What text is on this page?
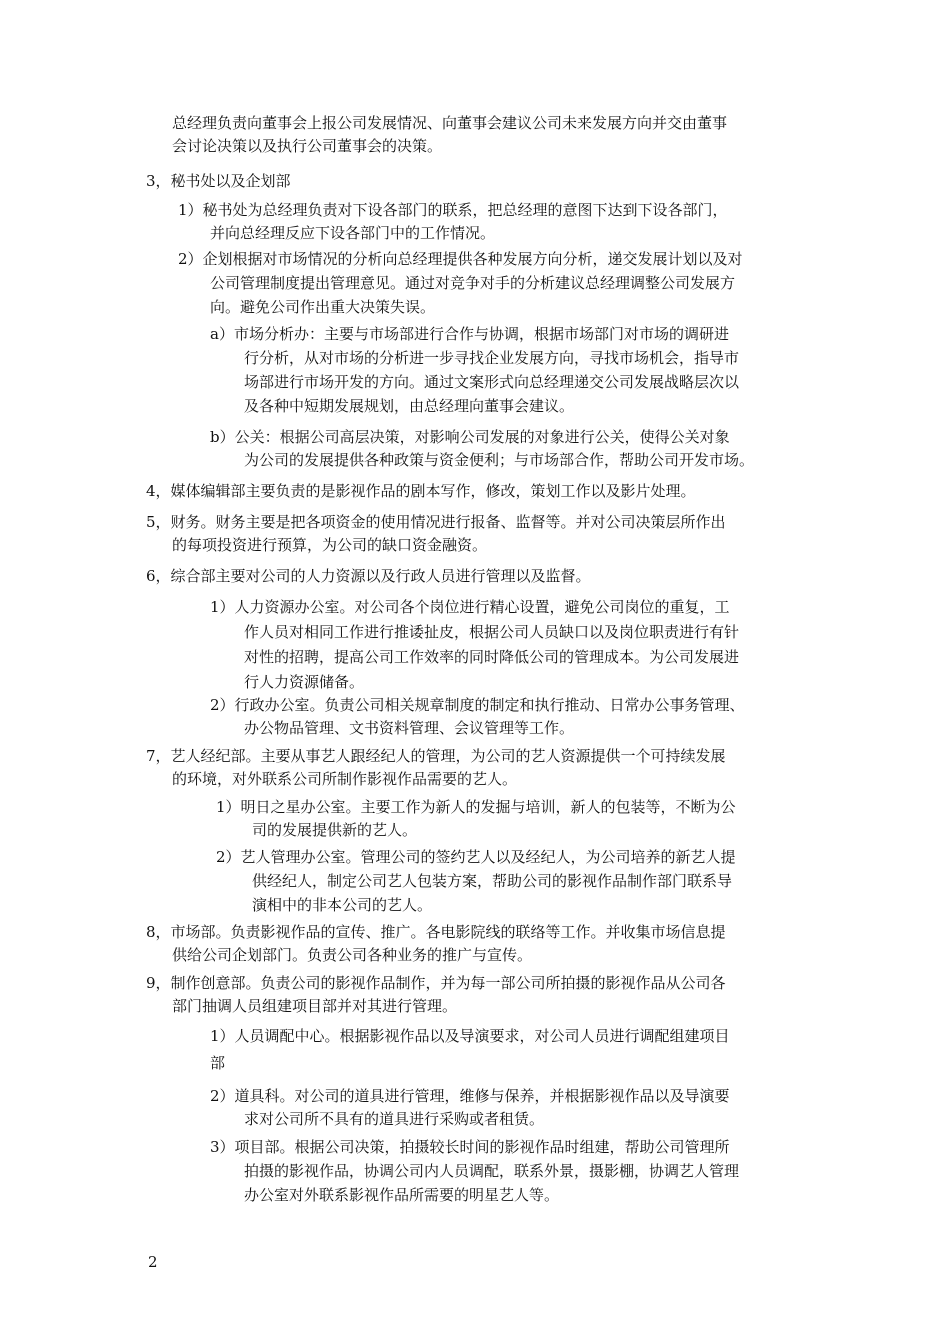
总经理负责向董事会上报公司发展情况、向董事会建议公司未来发展方向并交由董事
会讨论决策以及执行公司董事会的决策。
3，秘书处以及企划部
1）秘书处为总经理负责对下设各部门的联系，把总经理的意图下达到下设各部门，
并向总经理反应下设各部门中的工作情况。
2）企划根据对市场情况的分析向总经理提供各种发展方向分析，递交发展计划以及对
公司管理制度提出管理意见。通过对竞争对手的分析建议总经理调整公司发展方
向。避免公司作出重大决策失误。
a）市场分析办：主要与市场部进行合作与协调，根据市场部门对市场的调研进
行分析，从对市场的分析进一步寻找企业发展方向，寻找市场机会，指导市
场部进行市场开发的方向。通过文案形式向总经理递交公司发展战略层次以
及各种中短期发展规划，由总经理向董事会建议。
b）公关：根据公司高层决策，对影响公司发展的对象进行公关，使得公关对象
为公司的发展提供各种政策与资金便利；与市场部合作，帮助公司开发市场。
4，媒体编辑部主要负责的是影视作品的剧本写作，修改，策划工作以及影片处理。
5，财务。财务主要是把各项资金的使用情况进行报备、监督等。并对公司决策层所作出
的每项投资进行预算，为公司的缺口资金融资。
6，综合部主要对公司的人力资源以及行政人员进行管理以及监督。
1）人力资源办公室。对公司各个岗位进行精心设置，避免公司岗位的重复，工
作人员对相同工作进行推诿扯皮，根据公司人员缺口以及岗位职责进行有针
对性的招聘，提高公司工作效率的同时降低公司的管理成本。为公司发展进
行人力资源储备。
2）行政办公室。负责公司相关规章制度的制定和执行推动、日常办公事务管理、
办公物品管理、文书资料管理、会议管理等工作。
7，艺人经纪部。主要从事艺人跟经纪人的管理，为公司的艺人资源提供一个可持续发展
的环境，对外联系公司所制作影视作品需要的艺人。
1）明日之星办公室。主要工作为新人的发掘与培训，新人的包装等，不断为公
司的发展提供新的艺人。
2）艺人管理办公室。管理公司的签约艺人以及经纪人，为公司培养的新艺人提
供经纪人，制定公司艺人包装方案，帮助公司的影视作品制作部门联系导
演相中的非本公司的艺人。
8，市场部。负责影视作品的宣传、推广。各电影院线的联络等工作。并收集市场信息提
供给公司企划部门。负责公司各种业务的推广与宣传。
9，制作创意部。负责公司的影视作品制作，并为每一部公司所拍摄的影视作品从公司各
部门抽调人员组建项目部并对其进行管理。
1）人员调配中心。根据影视作品以及导演要求，对公司人员进行调配组建项目
部
2）道具科。对公司的道具进行管理，维修与保养，并根据影视作品以及导演要
求对公司所不具有的道具进行采购或者租赁。
3）项目部。根据公司决策，拍摄较长时间的影视作品时组建，帮助公司管理所
拍摄的影视作品，协调公司内人员调配，联系外景，摄影棚，协调艺人管理
办公室对外联系影视作品所需要的明星艺人等。
2
